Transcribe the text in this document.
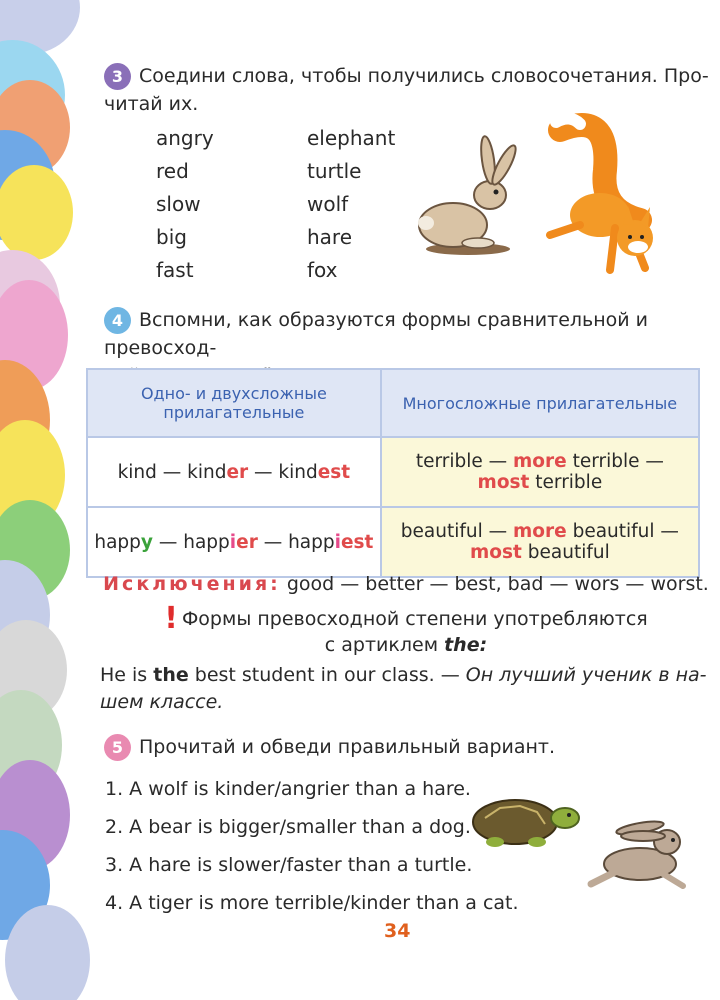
3 Соедини слова, чтобы получились словосочетания. Про-
читай их.
angry
red
slow
big
fast
elephant
turtle
wolf
hare
fox
4 Вспомни, как образуются формы сравнительной и превосход-

Одно- и двухсложные
прилагательные	Многосложные прилагательные
kind — kinder — kindest	terrible — more terrible —
most terrible
happy — happier — happiest	beautiful — more beautiful —
most beautiful
Исключения: good — better — best, bad — wors — worst.
! Формы превосходной степени употребляются
с артиклем the:
He is the best student in our class. — Он лучший ученик в на-
шем классе.
5 Прочитай и обведи правильный вариант.
1. A wolf is kinder/angrier than a hare.
2. A bear is bigger/smaller than a dog.
3. A hare is slower/faster than a turtle.
4. A tiger is more terrible/kinder than a cat.
34
